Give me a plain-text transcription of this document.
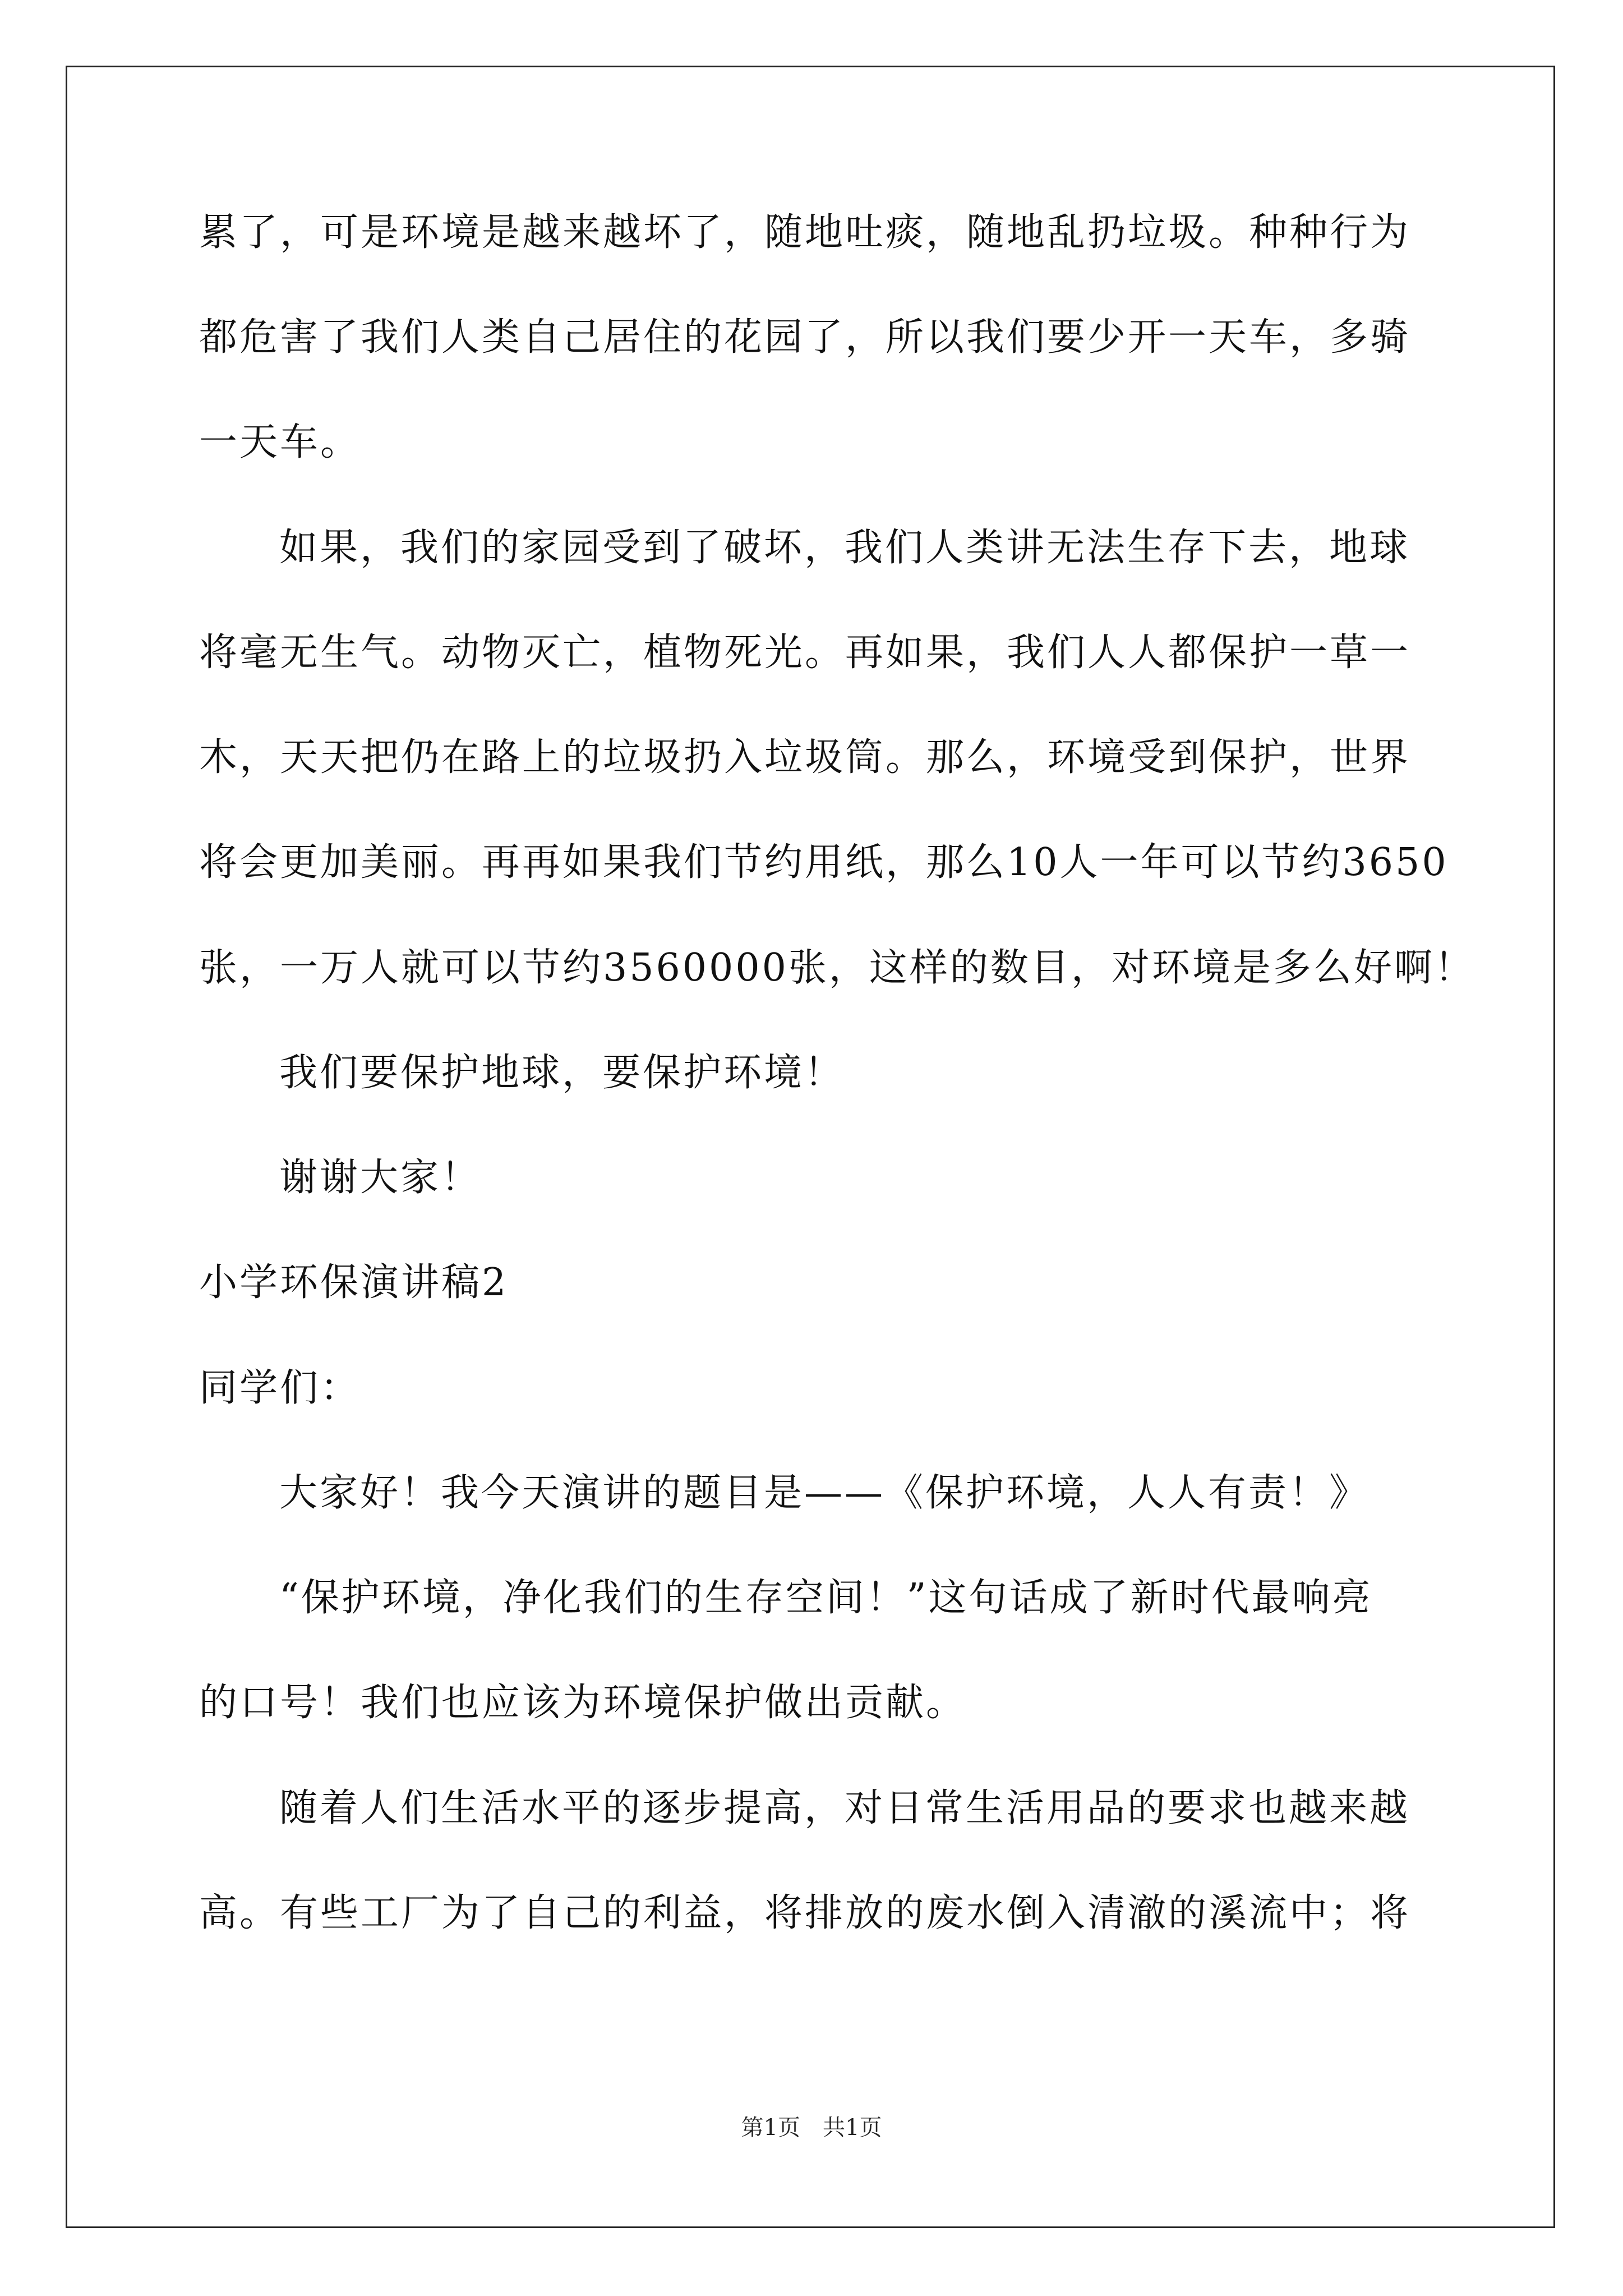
累了，可是环境是越来越坏了，随地吐痰，随地乱扔垃圾。种种行为
都危害了我们人类自己居住的花园了，所以我们要少开一天车，多骑
一天车。
如果，我们的家园受到了破坏，我们人类讲无法生存下去，地球
将毫无生气。动物灭亡，植物死光。再如果，我们人人都保护一草一
木，天天把仍在路上的垃圾扔入垃圾筒。那么，环境受到保护，世界
将会更加美丽。再再如果我们节约用纸，那么10人一年可以节约3650
张，一万人就可以节约3560000张，这样的数目，对环境是多么好啊！
我们要保护地球，要保护环境！
谢谢大家！
小学环保演讲稿2
同学们：
大家好！我今天演讲的题目是——《保护环境，人人有责！》
“保护环境，净化我们的生存空间！”这句话成了新时代最响亮
的口号！我们也应该为环境保护做出贡献。
随着人们生活水平的逐步提高，对日常生活用品的要求也越来越
高。有些工厂为了自己的利益，将排放的废水倒入清澈的溪流中；将
第1页　共1页
